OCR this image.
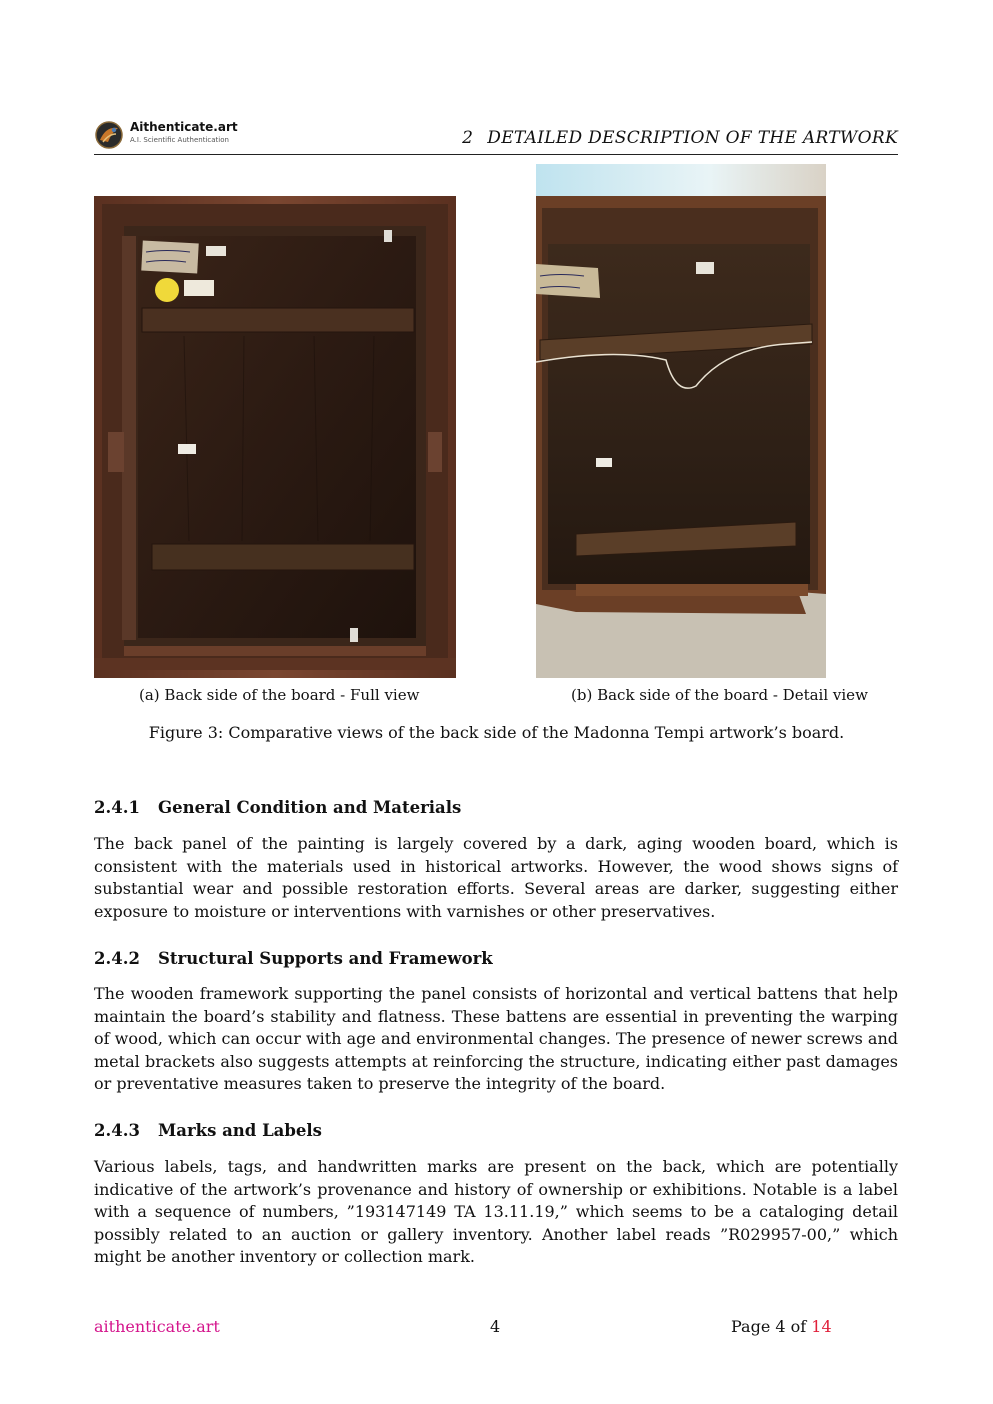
Aithenticate.art
A.I. Scientific Authentication	2 DETAILED DESCRIPTION OF THE ARTWORK
(a) Back side of the board - Full view	(b) Back side of the board - Detail view
Figure 3: Comparative views of the back side of the Madonna Tempi artwork’s board.
2.4.1 General Condition and Materials
The back panel of the painting is largely covered by a dark, aging wooden board, which is consistent with the materials used in historical artworks. However, the wood shows signs of substantial wear and possible restoration efforts. Several areas are darker, suggesting either exposure to moisture or interventions with varnishes or other preservatives.
2.4.2 Structural Supports and Framework
The wooden framework supporting the panel consists of horizontal and vertical battens that help maintain the board’s stability and flatness. These battens are essential in preventing the warping of wood, which can occur with age and environmental changes. The presence of newer screws and metal brackets also suggests attempts at reinforcing the structure, indicating either past damages or preventative measures taken to preserve the integrity of the board.
2.4.3 Marks and Labels
Various labels, tags, and handwritten marks are present on the back, which are potentially indicative of the artwork’s provenance and history of ownership or exhibitions. Notable is a label with a sequence of numbers, ”193147149 TA 13.11.19,” which seems to be a cataloging detail possibly related to an auction or gallery inventory. Another label reads ”R029957-00,” which might be another inventory or collection mark.
aithenticate.art	4	Page 4 of 14
